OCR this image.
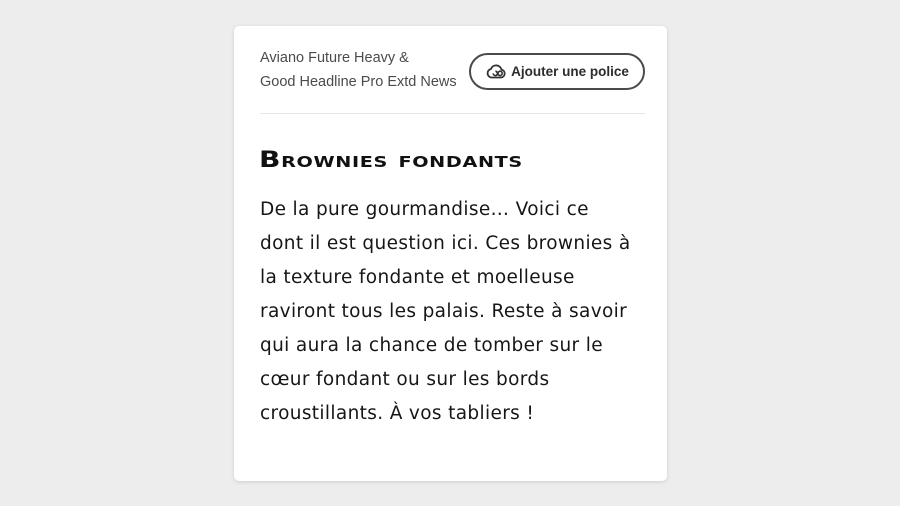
Aviano Future Heavy &
Good Headline Pro Extd News
Ajouter une police
Brownies fondants

De la pure gourmandise… Voici ce dont il est question ici. Ces brownies à la texture fondante et moelleuse raviront tous les palais. Reste à savoir qui aura la chance de tomber sur le cœur fondant ou sur les bords croustillants. À vos tabliers !
